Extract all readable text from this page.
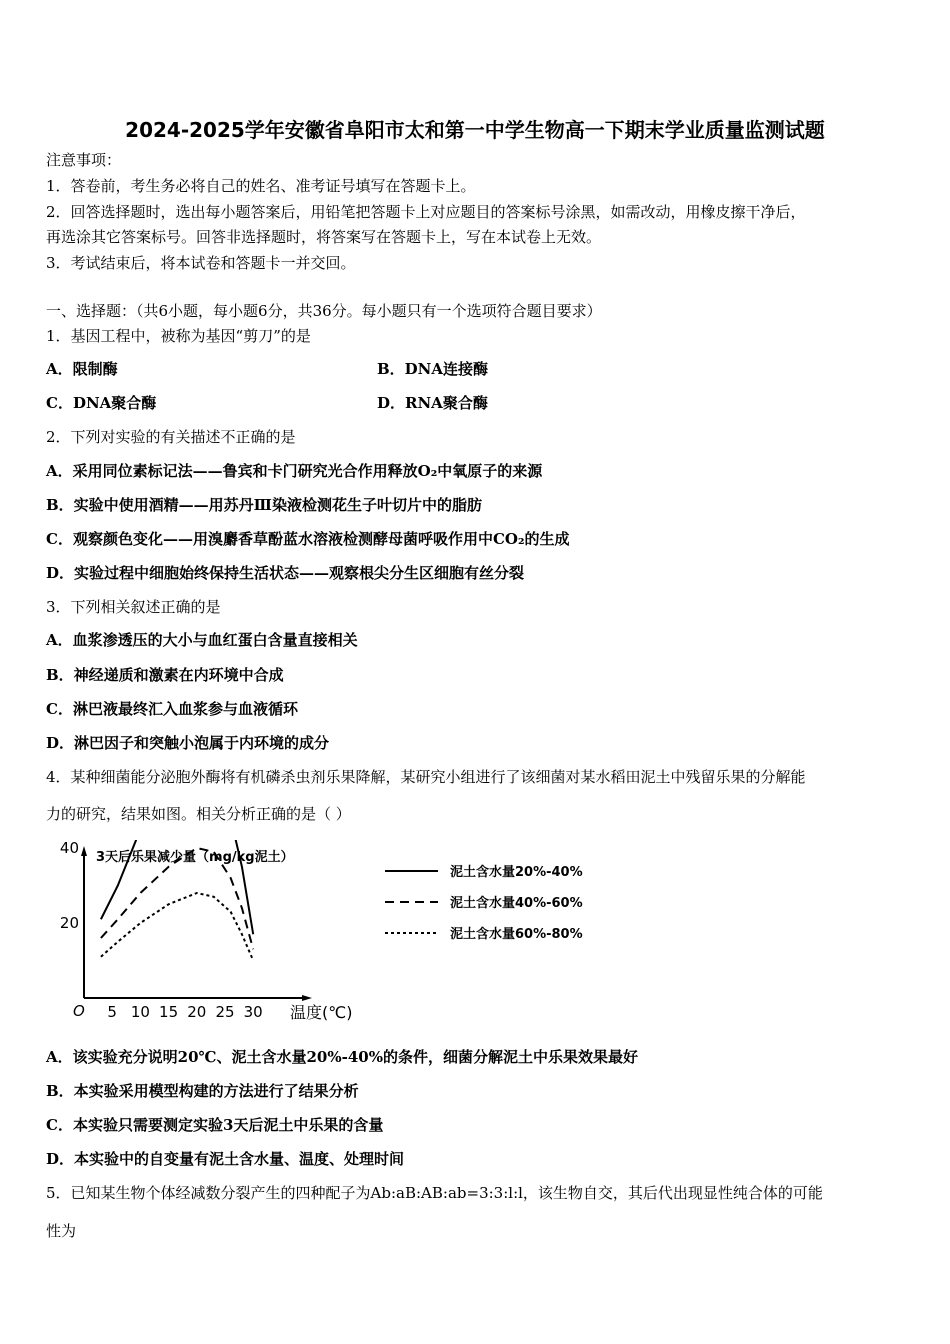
2024-2025学年安徽省阜阳市太和第一中学生物高一下期末学业质量监测试题
注意事项：
1．答卷前，考生务必将自己的姓名、准考证号填写在答题卡上。
2．回答选择题时，选出每小题答案后，用铅笔把答题卡上对应题目的答案标号涂黑，如需改动，用橡皮擦干净后，
再选涂其它答案标号。回答非选择题时，将答案写在答题卡上，写在本试卷上无效。
3．考试结束后，将本试卷和答题卡一并交回。
一、选择题：（共6小题，每小题6分，共36分。每小题只有一个选项符合题目要求）
1．基因工程中，被称为基因“剪刀”的是
A．限制酶	B．DNA连接酶
C．DNA聚合酶	D．RNA聚合酶
2．下列对实验的有关描述不正确的是
A．采用同位素标记法——鲁宾和卡门研究光合作用释放O₂中氧原子的来源
B．实验中使用酒精——用苏丹Ⅲ染液检测花生子叶切片中的脂肪
C．观察颜色变化——用溴麝香草酚蓝水溶液检测酵母菌呼吸作用中CO₂的生成
D．实验过程中细胞始终保持生活状态——观察根尖分生区细胞有丝分裂
3．下列相关叙述正确的是
A．血浆渗透压的大小与血红蛋白含量直接相关
B．神经递质和激素在内环境中合成
C．淋巴液最终汇入血浆参与血液循环
D．淋巴因子和突触小泡属于内环境的成分
4．某种细菌能分泌胞外酶将有机磷杀虫剂乐果降解，某研究小组进行了该细菌对某水稻田泥土中残留乐果的分解能
力的研究，结果如图。相关分析正确的是（ ）
3天后乐果减少量（mg/kg泥土）
温度(℃)
O 5 10 15 20 25 30
20
40
泥土含水量20%-40%
泥土含水量40%-60%
泥土含水量60%-80%
A．该实验充分说明20℃、泥土含水量20%-40%的条件，细菌分解泥土中乐果效果最好
B．本实验采用模型构建的方法进行了结果分析
C．本实验只需要测定实验3天后泥土中乐果的含量
D．本实验中的自变量有泥土含水量、温度、处理时间
5．已知某生物个体经减数分裂产生的四种配子为Ab:aB:AB:ab=3:3:l:l，该生物自交，其后代出现显性纯合体的可能
性为
